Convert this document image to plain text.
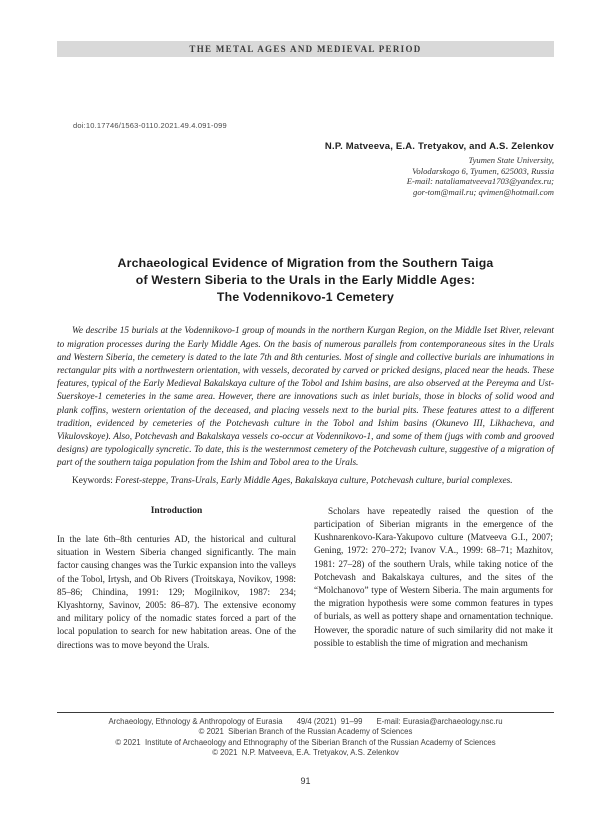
THE METAL AGES AND MEDIEVAL PERIOD
doi:10.17746/1563-0110.2021.49.4.091-099
N.P. Matveeva, E.A. Tretyakov, and A.S. Zelenkov
Tyumen State University,
Volodarskogo 6, Tyumen, 625003, Russia
E-mail: nataliamatveeva1703@yandex.ru;
gor-tom@mail.ru; qvimen@hotmail.com
Archaeological Evidence of Migration from the Southern Taiga
of Western Siberia to the Urals in the Early Middle Ages:
The Vodennikovo-1 Cemetery
We describe 15 burials at the Vodennikovo-1 group of mounds in the northern Kurgan Region, on the Middle Iset River, relevant to migration processes during the Early Middle Ages. On the basis of numerous parallels from contemporaneous sites in the Urals and Western Siberia, the cemetery is dated to the late 7th and 8th centuries. Most of single and collective burials are inhumations in rectangular pits with a northwestern orientation, with vessels, decorated by carved or pricked designs, placed near the heads. These features, typical of the Early Medieval Bakalskaya culture of the Tobol and Ishim basins, are also observed at the Pereyma and Ust-Suerskoye-1 cemeteries in the same area. However, there are innovations such as inlet burials, those in blocks of solid wood and plank coffins, western orientation of the deceased, and placing vessels next to the burial pits. These features attest to a different tradition, evidenced by cemeteries of the Potchevash culture in the Tobol and Ishim basins (Okunevo III, Likhacheva, and Vikulovskoye). Also, Potchevash and Bakalskaya vessels co-occur at Vodennikovo-1, and some of them (jugs with comb and grooved designs) are typologically syncretic. To date, this is the westernmost cemetery of the Potchevash culture, suggestive of a migration of part of the southern taiga population from the Ishim and Tobol area to the Urals.
Keywords: Forest-steppe, Trans-Urals, Early Middle Ages, Bakalskaya culture, Potchevash culture, burial complexes.
Introduction
In the late 6th–8th centuries AD, the historical and cultural situation in Western Siberia changed significantly. The main factor causing changes was the Turkic expansion into the valleys of the Tobol, Irtysh, and Ob Rivers (Troitskaya, Novikov, 1998: 85–86; Chindina, 1991: 129; Mogilnikov, 1987: 234; Klyashtorny, Savinov, 2005: 86–87). The extensive economy and military policy of the nomadic states forced a part of the local population to search for new habitation areas. One of the directions was to move beyond the Urals.
Scholars have repeatedly raised the question of the participation of Siberian migrants in the emergence of the Kushnarenkovo-Kara-Yakupovo culture (Matveeva G.I., 2007; Gening, 1972: 270–272; Ivanov V.A., 1999: 68–71; Mazhitov, 1981: 27–28) of the southern Urals, while taking notice of the Potchevash and Bakalskaya cultures, and the sites of the “Molchanovo” type of Western Siberia. The main arguments for the migration hypothesis were some common features in types of burials, as well as pottery shape and ornamentation technique. However, the sporadic nature of such similarity did not make it possible to establish the time of migration and mechanism
Archaeology, Ethnology & Anthropology of Eurasia 49/4 (2021)  91–99 E-mail: Eurasia@archaeology.nsc.ru
© 2021  Siberian Branch of the Russian Academy of Sciences
© 2021  Institute of Archaeology and Ethnography of the Siberian Branch of the Russian Academy of Sciences
© 2021  N.P. Matveeva, E.A. Tretyakov, A.S. Zelenkov
91
